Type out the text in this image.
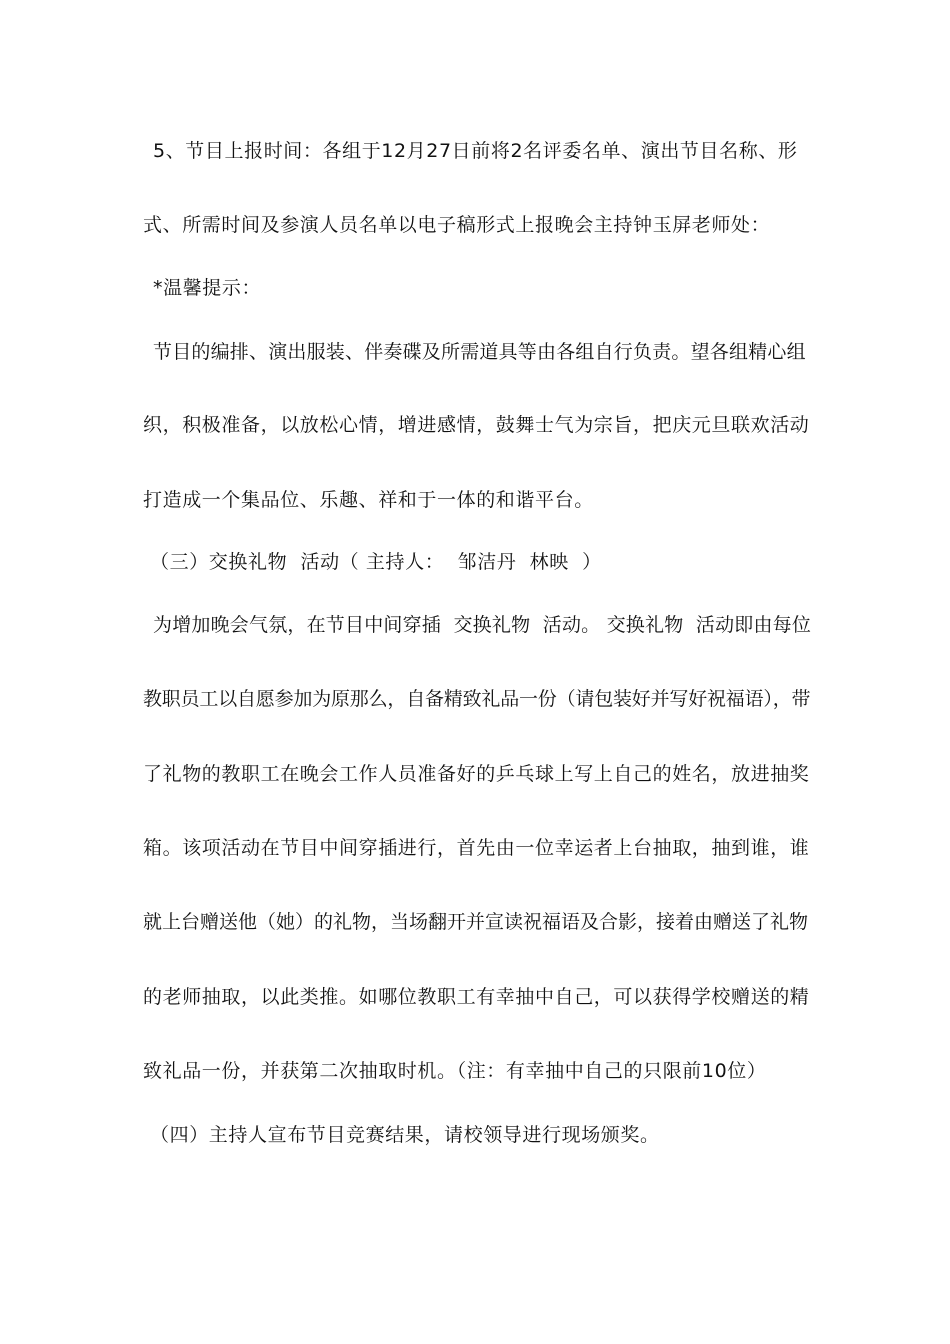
5、节目上报时间：各组于12月27日前将2名评委名单、演出节目名称、形
式、所需时间及参演人员名单以电子稿形式上报晚会主持钟玉屏老师处：
*温馨提示：
节目的编排、演出服装、伴奏碟及所需道具等由各组自行负责。望各组精心组
织，积极准备，以放松心情，增进感情，鼓舞士气为宗旨，把庆元旦联欢活动
打造成一个集品位、乐趣、祥和于一体的和谐平台。
（三）交换礼物  活动（ 主持人：  邹洁丹  林映  ）
为增加晚会气氛，在节目中间穿插  交换礼物  活动。 交换礼物  活动即由每位
教职员工以自愿参加为原那么，自备精致礼品一份（请包装好并写好祝福语），带
了礼物的教职工在晚会工作人员准备好的乒乓球上写上自己的姓名，放进抽奖
箱。该项活动在节目中间穿插进行，首先由一位幸运者上台抽取，抽到谁，谁
就上台赠送他（她）的礼物，当场翻开并宣读祝福语及合影，接着由赠送了礼物
的老师抽取，以此类推。如哪位教职工有幸抽中自己，可以获得学校赠送的精
致礼品一份，并获第二次抽取时机。（注：有幸抽中自己的只限前10位）
（四）主持人宣布节目竞赛结果，请校领导进行现场颁奖。
